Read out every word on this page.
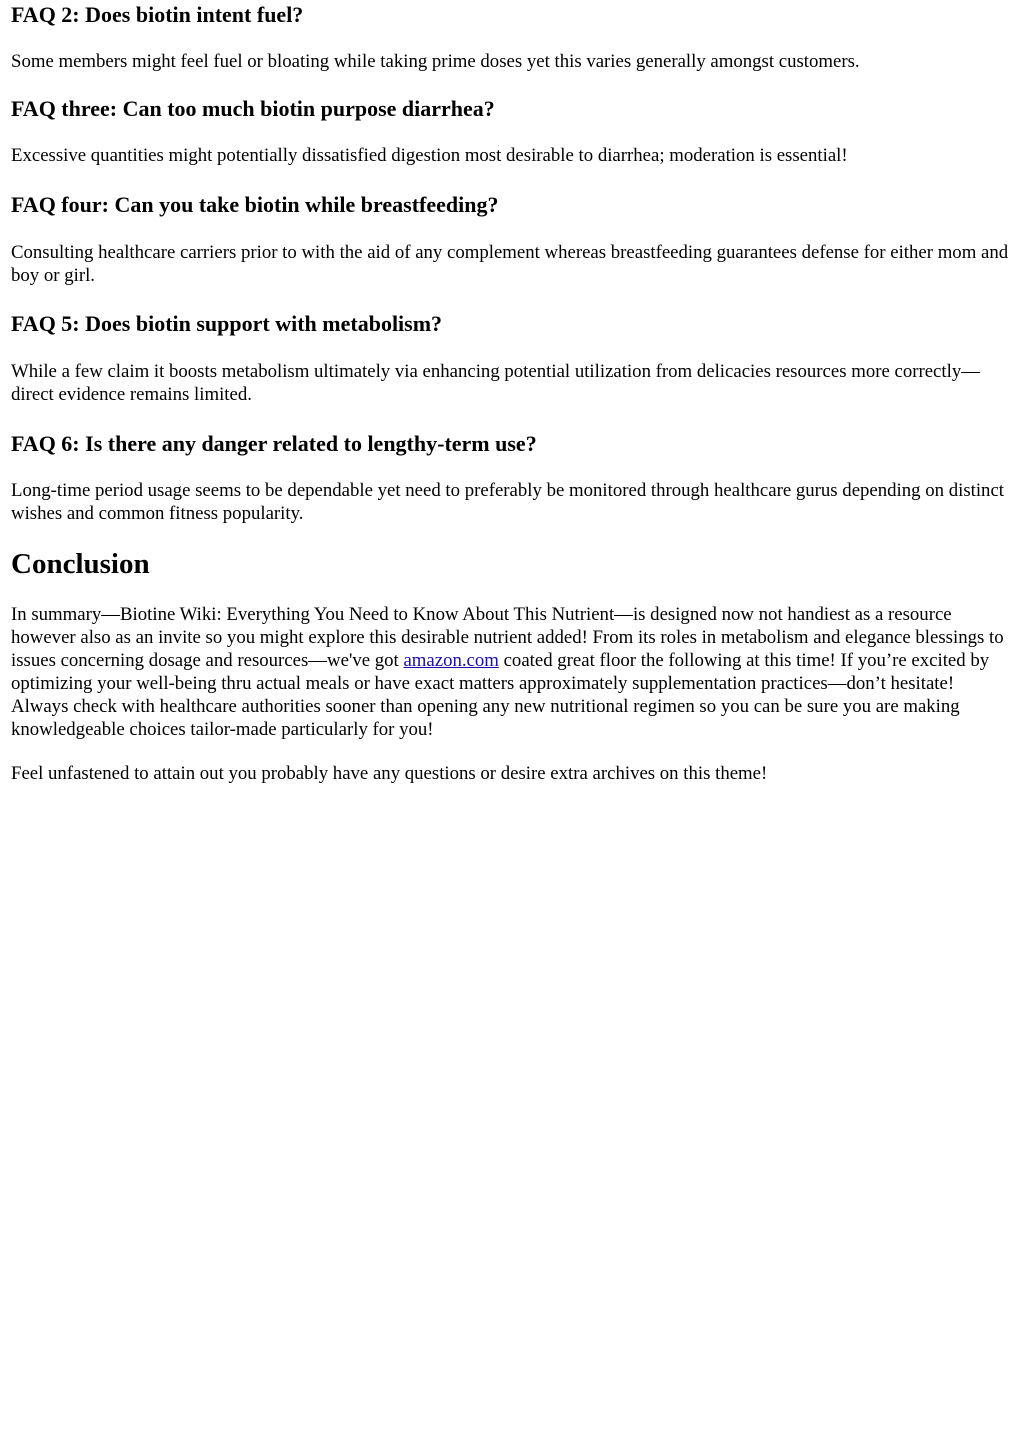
FAQ 2: Does biotin intent fuel?

Some members might feel fuel or bloating while taking prime doses yet this varies generally amongst customers.

FAQ three: Can too much biotin purpose diarrhea?

Excessive quantities might potentially dissatisfied digestion most desirable to diarrhea; moderation is essential!

FAQ four: Can you take biotin while breastfeeding?

Consulting healthcare carriers prior to with the aid of any complement whereas breastfeeding guarantees defense for either mom and boy or girl.

FAQ 5: Does biotin support with metabolism?

While a few claim it boosts metabolism ultimately via enhancing potential utilization from delicacies resources more correctly—direct evidence remains limited.

FAQ 6: Is there any danger related to lengthy-term use?

Long-time period usage seems to be dependable yet need to preferably be monitored through healthcare gurus depending on distinct wishes and common fitness popularity.

Conclusion

In summary—Biotine Wiki: Everything You Need to Know About This Nutrient—is designed now not handiest as a resource however also as an invite so you might explore this desirable nutrient added! From its roles in metabolism and elegance blessings to issues concerning dosage and resources—we've got amazon.com coated great floor the following at this time! If you’re excited by optimizing your well-being thru actual meals or have exact matters approximately supplementation practices—don’t hesitate! Always check with healthcare authorities sooner than opening any new nutritional regimen so you can be sure you are making knowledgeable choices tailor-made particularly for you!

Feel unfastened to attain out you probably have any questions or desire extra archives on this theme!
